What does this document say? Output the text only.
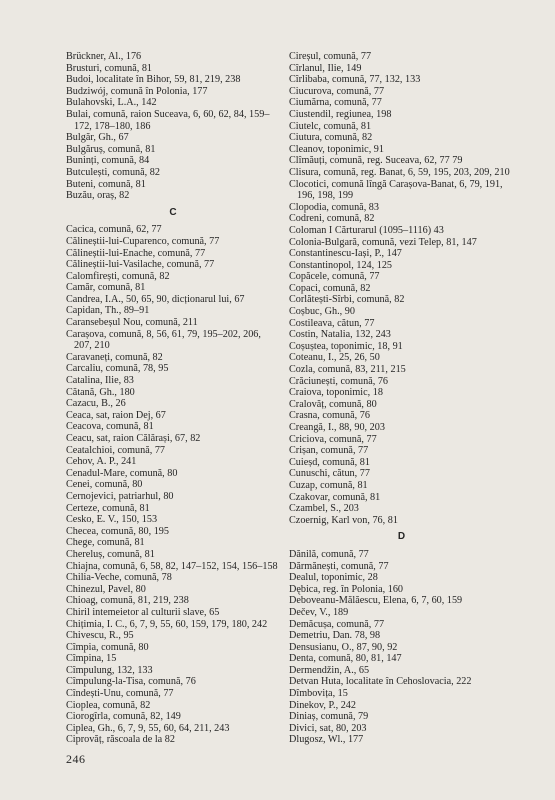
Brückner, Al., 176
Brusturi, comună, 81
Budoi, localitate în Bihor, 59, 81, 219, 238
Budziwój, comună în Polonia, 177
Bulahovski, L.A., 142
Bulai, comună, raion Suceava, 6, 60, 62, 84, 159–172, 178–180, 186
Bulgăr, Gh., 67
Bulgăruș, comună, 81
Buninți, comună, 84
Butculești, comună, 82
Buteni, comună, 81
Buzău, oraș, 82
C
Cacica, comună, 62, 77
Călineștii-lui-Cuparenco, comună, 77
Călineștii-lui-Enache, comună, 77
Călineștii-lui-Vasilache, comună, 77
Calomfirești, comună, 82
Camăr, comună, 81
Candrea, I.A., 50, 65, 90, dicționarul lui, 67
Capidan, Th., 89–91
Caransebeșul Nou, comună, 211
Carașova, comună, 8, 56, 61, 79, 195–202, 206, 207, 210
Caravaneți, comună, 82
Carcaliu, comună, 78, 95
Catalina, Ilie, 83
Cătană, Gh., 180
Cazacu, B., 26
Ceaca, sat, raion Dej, 67
Ceacova, comună, 81
Ceacu, sat, raion Călărași, 67, 82
Ceatalchioi, comună, 77
Cehov, A. P., 241
Cenadul-Mare, comună, 80
Cenei, comună, 80
Cernojevici, patriarhul, 80
Certeze, comună, 81
Cesko, E. V., 150, 153
Checea, comună, 80, 195
Chege, comună, 81
Chereluș, comună, 81
Chiajna, comună, 6, 58, 82, 147–152, 154, 156–158
Chilia-Veche, comună, 78
Chinezul, Pavel, 80
Chioag, comună, 81, 219, 238
Chiril intemeietor al culturii slave, 65
Chițimia, I. C., 6, 7, 9, 55, 60, 159, 179, 180, 242
Chivescu, R., 95
Cîmpia, comună, 80
Cîmpina, 15
Cîmpulung, 132, 133
Cîmpulung-la-Tisa, comună, 76
Cîndești-Unu, comună, 77
Cioplea, comună, 82
Ciorogîrla, comună, 82, 149
Ciplea, Gh., 6, 7, 9, 55, 60, 64, 211, 243
Ciprovăț, răscoala de la 82
Cireșul, comună, 77
Cîrlanul, Ilie, 149
Cîrlibaba, comună, 77, 132, 133
Ciucurova, comună, 77
Ciumărna, comună, 77
Ciustendil, regiunea, 198
Ciutelc, comună, 81
Ciutura, comună, 82
Cleanov, toponimic, 91
Clîmăuți, comună, reg. Suceava, 62, 77 79
Clisura, comună, reg. Banat, 6, 59, 195, 203, 209, 210
Clocotici, comună lîngă Carașova-Banat, 6, 79, 191, 196, 198, 199
Clopodia, comună, 83
Codreni, comună, 82
Coloman I Cărturarul (1095–1116) 43
Colonia-Bulgară, comună, vezi Telep, 81, 147
Constantinescu-Iași, P., 147
Constantinopol, 124, 125
Copăcele, comună, 77
Copaci, comună, 82
Corlătești-Sîrbi, comună, 82
Coșbuc, Gh., 90
Costileava, cătun, 77
Costin, Natalia, 132, 243
Coșuștea, toponimic, 18, 91
Coteanu, I., 25, 26, 50
Cozla, comună, 83, 211, 215
Crăciunești, comună, 76
Craiova, toponimic, 18
Cralovăț, comună, 80
Crasna, comună, 76
Creangă, I., 88, 90, 203
Criciova, comună, 77
Crișan, comună, 77
Cuieșd, comună, 81
Cunuschi, cătun, 77
Cuzap, comună, 81
Czakovar, comună, 81
Czambel, S., 203
Czoernig, Karl von, 76, 81
D
Dănilă, comună, 77
Dărmănești, comună, 77
Dealul, toponimic, 28
Dębica, reg. în Polonia, 160
Deboveanu-Mălăescu, Elena, 6, 7, 60, 159
Dečev, V., 189
Demăcușa, comună, 77
Demetriu, Dan. 78, 98
Densusianu, O., 87, 90, 92
Denta, comună, 80, 81, 147
Dermendžin, A., 65
Detvan Huta, localitate în Cehoslovacia, 222
Dîmbovița, 15
Dinekov, P., 242
Diniaș, comună, 79
Divici, sat, 80, 203
Dlugosz, Wl., 177
246
